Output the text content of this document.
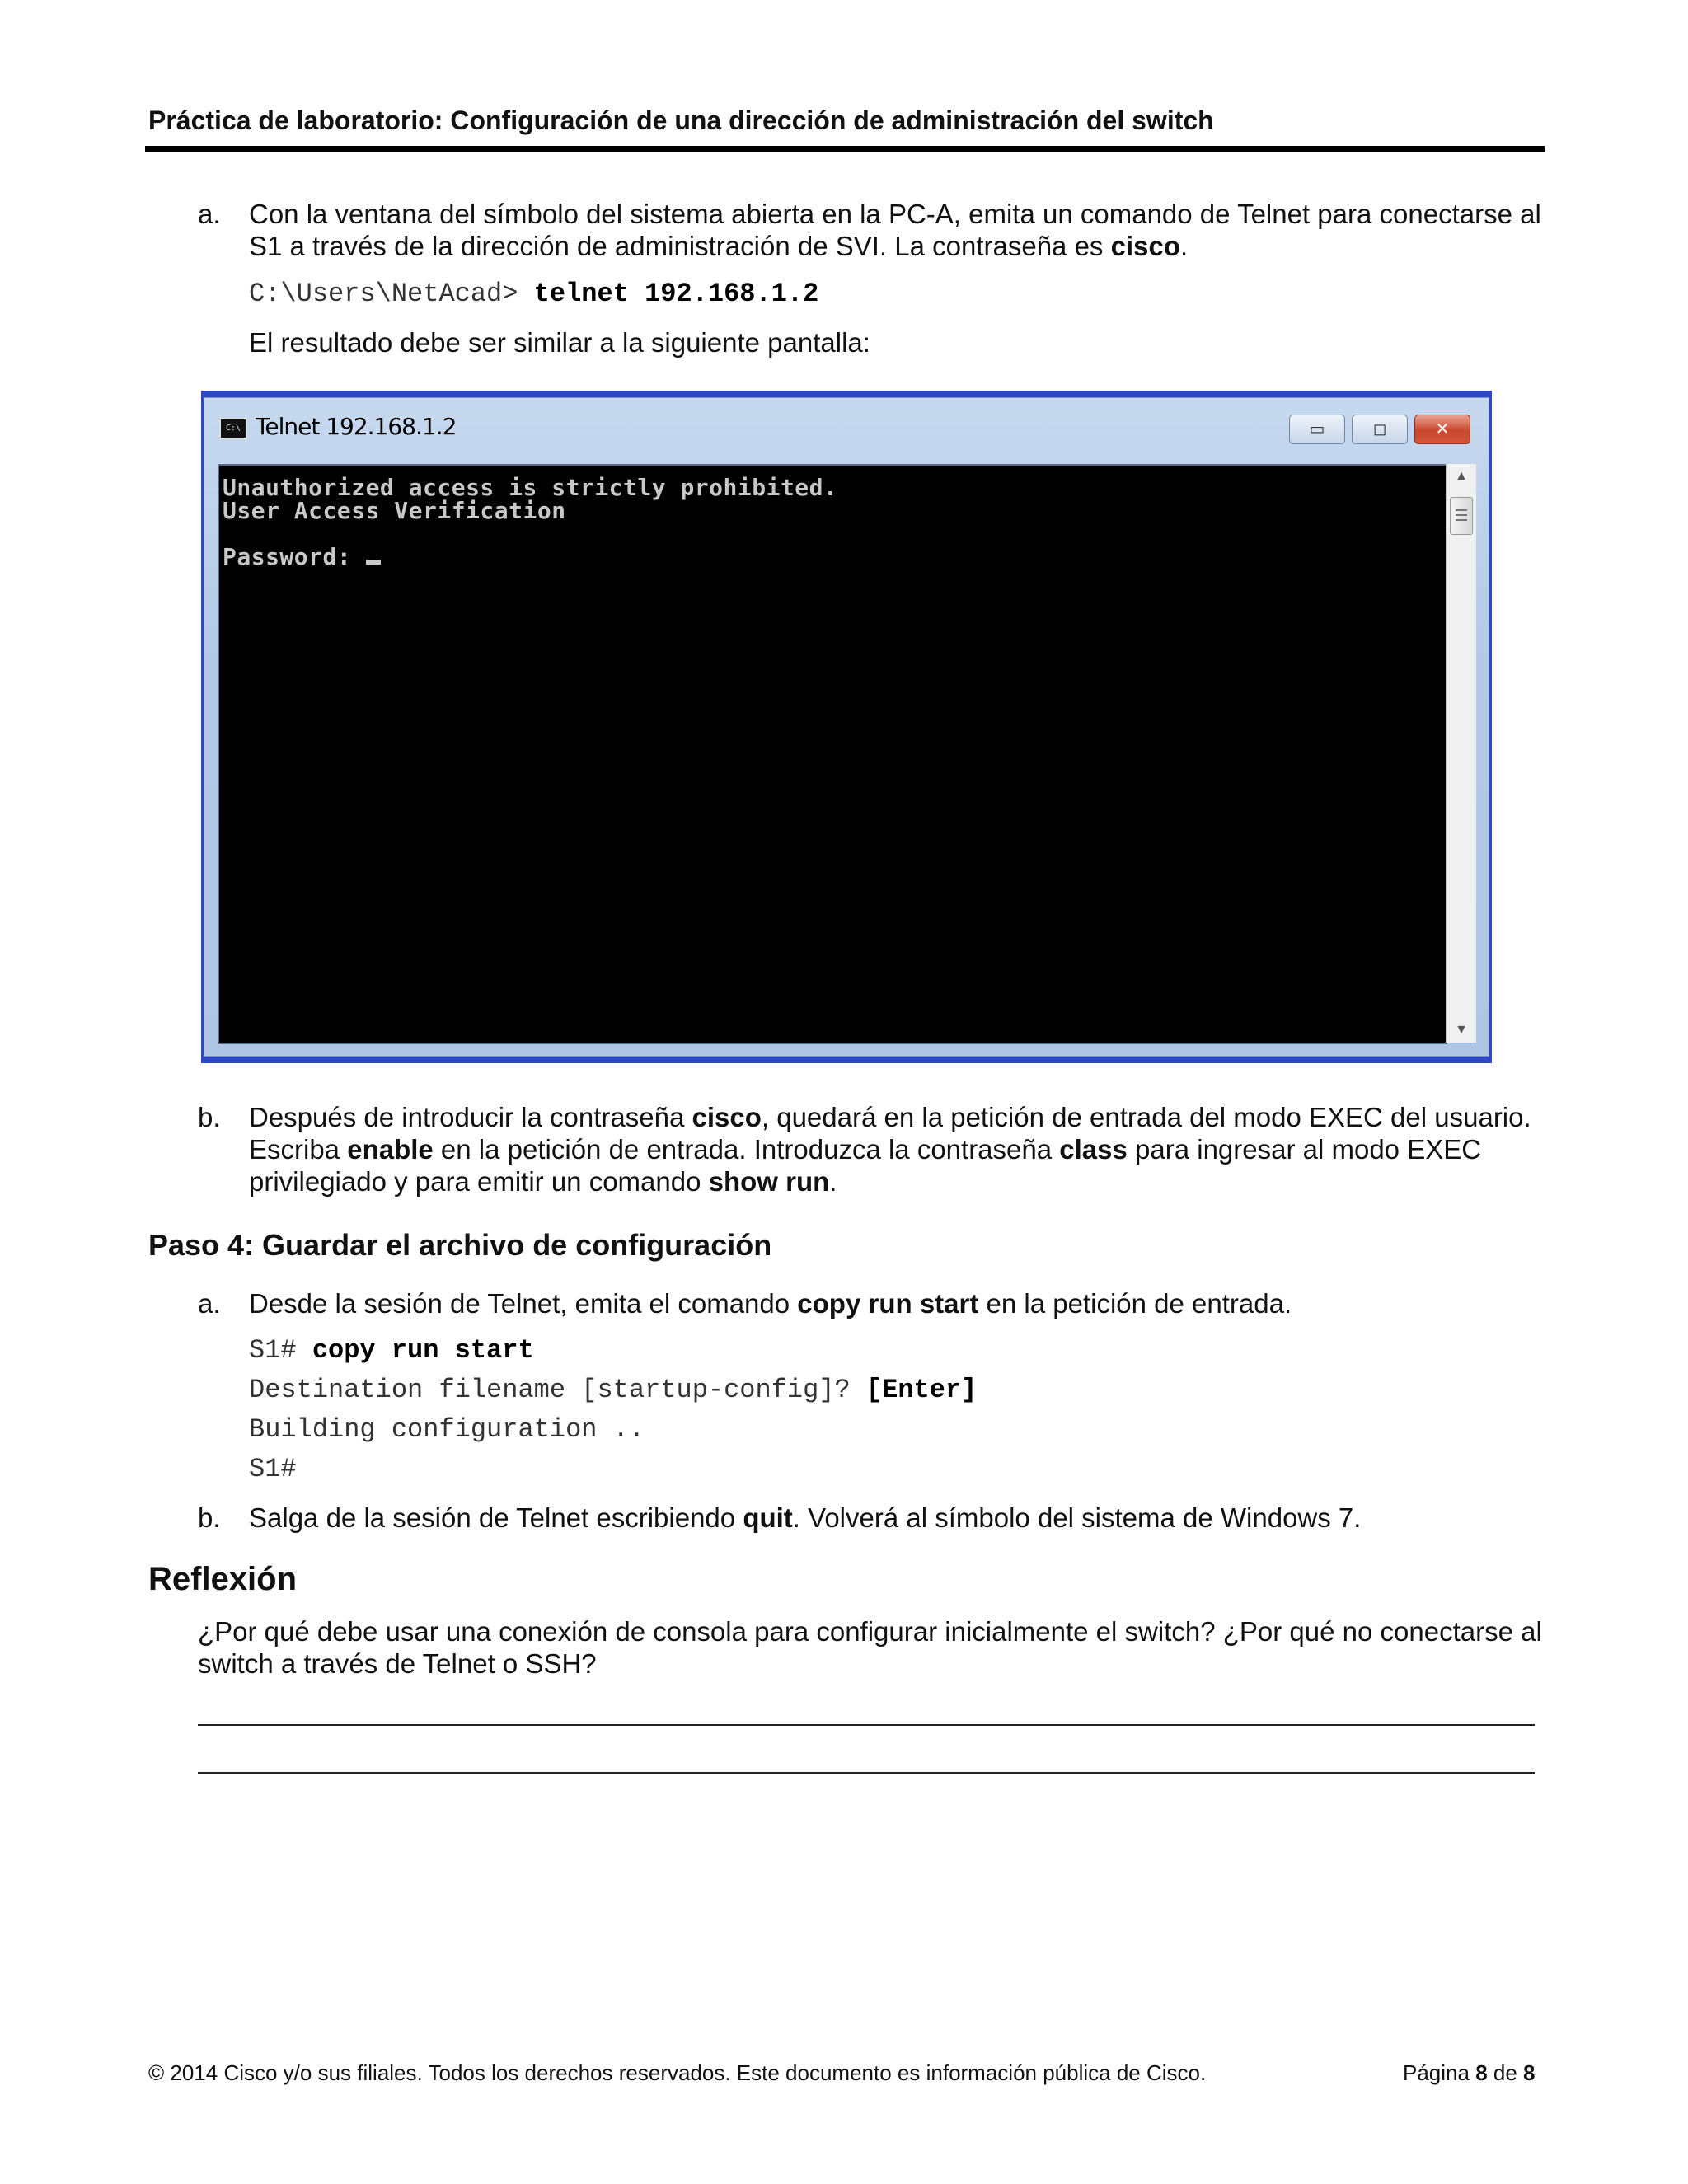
Práctica de laboratorio: Configuración de una dirección de administración del switch
a.	Con la ventana del símbolo del sistema abierta en la PC-A, emita un comando de Telnet para conectarse al S1 a través de la dirección de administración de SVI. La contraseña es cisco.
C:\Users\NetAcad> telnet 192.168.1.2
El resultado debe ser similar a la siguiente pantalla:
C:\ Telnet 192.168.1.2	▭	◻	✕
Unauthorized access is strictly prohibited.
User Access Verification
Password:
▲
▼
b.	Después de introducir la contraseña cisco, quedará en la petición de entrada del modo EXEC del usuario. Escriba enable en la petición de entrada. Introduzca la contraseña class para ingresar al modo EXEC privilegiado y para emitir un comando show run.
Paso 4: Guardar el archivo de configuración
a.	Desde la sesión de Telnet, emita el comando copy run start en la petición de entrada.
S1# copy run start
Destination filename [startup-config]? [Enter]
Building configuration ..
S1#
b.	Salga de la sesión de Telnet escribiendo quit. Volverá al símbolo del sistema de Windows 7.
Reflexión
¿Por qué debe usar una conexión de consola para configurar inicialmente el switch? ¿Por qué no conectarse al switch a través de Telnet o SSH?
© 2014 Cisco y/o sus filiales. Todos los derechos reservados. Este documento es información pública de Cisco.	Página 8 de 8
